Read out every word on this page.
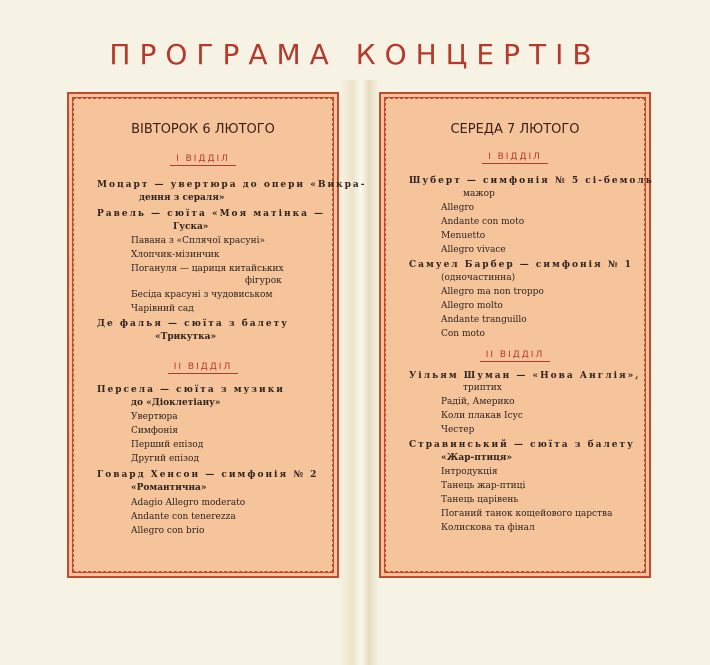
ПРОГРАМА КОНЦЕРТІВ
ВІВТОРОК 6 ЛЮТОГО
І ВІДДІЛ
Моцарт — увертюра до опери «Викра-
дення з сераля»
Равель — сюїта «Моя матінка —
Гуска»
Павана з «Сплячої красуні»
Хлопчик-мізинчик
Погануля — цариця китайських
фігурок
Бесіда красуні з чудовиськом
Чарівний сад
Де фалья — сюїта з балету
«Трикутка»
ІІ ВІДДІЛ
Персела — сюїта з музики
до «Діоклетіану»
Увертюра
Симфонія
Перший епізод
Другий епізод
Говард Хенсон — симфонія № 2
«Романтична»
Adagio Allegro moderato
Andante con tenerezza
Allegro con brio
СЕРЕДА 7 ЛЮТОГО
І ВІДДІЛ
Шуберт — симфонія № 5 сі-бемоль
мажор
Allegro
Andante con moto
Menuetto
Allegro vivace
Самуел Барбер — симфонія № 1
(одночастинна)
Allegro ma non troppo
Allegro molto
Andante tranguillo
Con moto
ІІ ВІДДІЛ
Уільям Шуман — «Нова Англія»,
триптих
Радій, Америко
Коли плакав Ісус
Честер
Стравинський — сюїта з балету
«Жар-птиця»
Інтродукція
Танець жар-птиці
Танець царівень
Поганий танок кощейового царства
Колискова та фінал
